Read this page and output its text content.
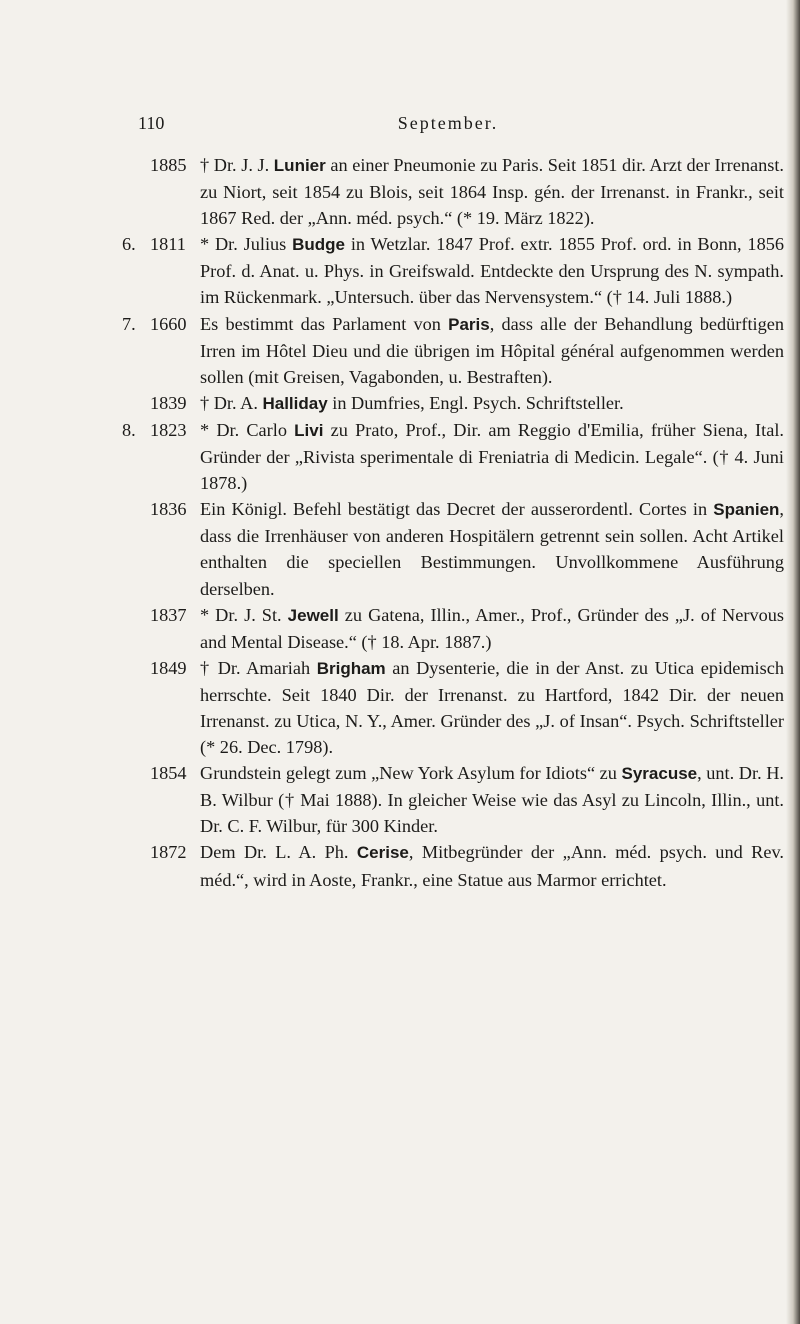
110	September.

1885 † Dr. J. J. Lunier an einer Pneumonie zu Paris. Seit 1851 dir. Arzt der Irrenanst. zu Niort, seit 1854 zu Blois, seit 1864 Insp. gén. der Irrenanst. in Frankr., seit 1867 Red. der „Ann. méd. psych.“ (* 19. März 1822).

6. 1811 * Dr. Julius Budge in Wetzlar. 1847 Prof. extr. 1855 Prof. ord. in Bonn, 1856 Prof. d. Anat. u. Phys. in Greifswald. Entdeckte den Ursprung des N. sympath. im Rückenmark. „Untersuch. über das Nervensystem.“ († 14. Juli 1888.)

7. 1660 Es bestimmt das Parlament von Paris, dass alle der Behandlung bedürftigen Irren im Hôtel Dieu und die übrigen im Hôpital général aufgenommen werden sollen (mit Greisen, Vagabonden, u. Bestraften).

1839 † Dr. A. Halliday in Dumfries, Engl. Psych. Schriftsteller.

8. 1823 * Dr. Carlo Livi zu Prato, Prof., Dir. am Reggio d'Emilia, früher Siena, Ital. Gründer der „Rivista sperimentale di Freniatria di Medicin. Legale“. († 4. Juni 1878.)

1836 Ein Königl. Befehl bestätigt das Decret der ausserordentl. Cortes in Spanien, dass die Irrenhäuser von anderen Hospitälern getrennt sein sollen. Acht Artikel enthalten die speciellen Bestimmungen. Unvollkommene Ausführung derselben.

1837 * Dr. J. St. Jewell zu Gatena, Illin., Amer., Prof., Gründer des „J. of Nervous and Mental Disease.“ († 18. Apr. 1887.)

1849 † Dr. Amariah Brigham an Dysenterie, die in der Anst. zu Utica epidemisch herrschte. Seit 1840 Dir. der Irrenanst. zu Hartford, 1842 Dir. der neuen Irrenanst. zu Utica, N. Y., Amer. Gründer des „J. of Insan“. Psych. Schriftsteller (* 26. Dec. 1798).

1854 Grundstein gelegt zum „New York Asylum for Idiots“ zu Syracuse, unt. Dr. H. B. Wilbur († Mai 1888). In gleicher Weise wie das Asyl zu Lincoln, Illin., unt. Dr. C. F. Wilbur, für 300 Kinder.

1872 Dem Dr. L. A. Ph. Cerise, Mitbegründer der „Ann. méd. psych. und Rev. méd.“, wird in Aoste, Frankr., eine Statue aus Marmor errichtet.
